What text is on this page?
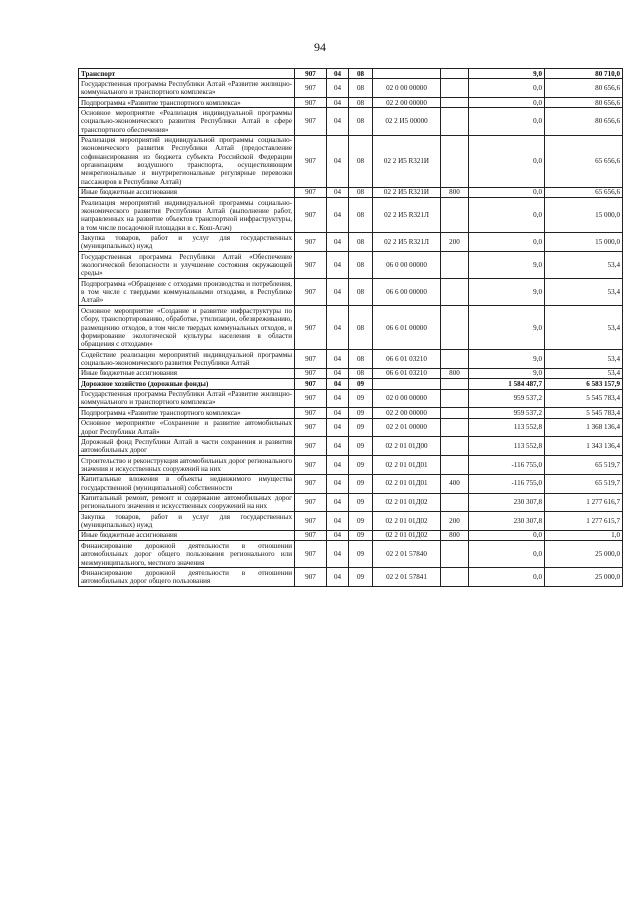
94
Транспорт	907	04	08			9,0	80 710,0
Государственная программа Республики Алтай «Развитие жилищно-коммунального и транспортного комплекса»	907	04	08	02 0 00 00000		0,0	80 656,6
Подпрограмма «Развитие транспортного комплекса»	907	04	08	02 2 00 00000		0,0	80 656,6
Основное мероприятие «Реализация индивидуальной программы социально-экономического развития Республики Алтай в сфере транспортного обеспечения»	907	04	08	02 2 И5 00000		0,0	80 656,6
Реализация мероприятий индивидуальной программы социально-экономического развития Республики Алтай (предоставление софинансирования из бюджета субъекта Российской Федерации организациям воздушного транспорта, осуществляющим межрегиональные и внутрирегиональные регулярные перевозки пассажиров в Республике Алтай)	907	04	08	02 2 И5 R321И		0,0	65 656,6
Иные бюджетные ассигнования	907	04	08	02 2 И5 R321И	800	0,0	65 656,6
Реализация мероприятий индивидуальной программы социально-экономического развития Республики Алтай (выполнение работ, направленных на развитие объектов транспортной инфраструктуры, в том числе посадочной площадки в с. Кош-Агач)	907	04	08	02 2 И5 R321Л		0,0	15 000,0
Закупка товаров, работ и услуг для государственных (муниципальных) нужд	907	04	08	02 2 И5 R321Л	200	0,0	15 000,0
Государственная программа Республики Алтай «Обеспечение экологической безопасности и улучшение состояния окружающей среды»	907	04	08	06 0 00 00000		9,0	53,4
Подпрограмма «Обращение с отходами производства и потребления, в том числе с твердыми коммунальными отходами, в Республике Алтай»	907	04	08	06 6 00 00000		9,0	53,4
Основное мероприятие «Создание и развитие инфраструктуры по сбору, транспортированию, обработке, утилизации, обезвреживанию, размещению отходов, в том числе твердых коммунальных отходов, и формирование экологической культуры населения в области обращения с отходами»	907	04	08	06 6 01 00000		9,0	53,4
Содействие реализации мероприятий индивидуальной программы социально-экономического развития Республики Алтай	907	04	08	06 6 01 03210		9,0	53,4
Иные бюджетные ассигнования	907	04	08	06 6 01 03210	800	9,0	53,4
Дорожное хозяйство (дорожные фонды)	907	04	09			1 584 487,7	6 583 157,9
Государственная программа Республики Алтай «Развитие жилищно-коммунального и транспортного комплекса»	907	04	09	02 0 00 00000		959 537,2	5 545 783,4
Подпрограмма «Развитие транспортного комплекса»	907	04	09	02 2 00 00000		959 537,2	5 545 783,4
Основное мероприятие «Сохранение и развитие автомобильных дорог Республики Алтай»	907	04	09	02 2 01 00000		113 552,8	1 368 136,4
Дорожный фонд Республики Алтай в части сохранения и развития автомобильных дорог	907	04	09	02 2 01 01Д00		113 552,8	1 343 136,4
Строительство и реконструкция автомобильных дорог регионального значения и искусственных сооружений на них	907	04	09	02 2 01 01Д01		-116 755,0	65 519,7
Капитальные вложения в объекты недвижимого имущества государственной (муниципальной) собственности	907	04	09	02 2 01 01Д01	400	-116 755,0	65 519,7
Капитальный ремонт, ремонт и содержание автомобильных дорог регионального значения и искусственных сооружений на них	907	04	09	02 2 01 01Д02		230 307,8	1 277 616,7
Закупка товаров, работ и услуг для государственных (муниципальных) нужд	907	04	09	02 2 01 01Д02	200	230 307,8	1 277 615,7
Иные бюджетные ассигнования	907	04	09	02 2 01 01Д02	800	0,0	1,0
Финансирование дорожной деятельности в отношении автомобильных дорог общего пользования регионального или межмуниципального, местного значения	907	04	09	02 2 01 57840		0,0	25 000,0
Финансирование дорожной деятельности в отношении автомобильных дорог общего пользования	907	04	09	02 2 01 57841		0,0	25 000,0
